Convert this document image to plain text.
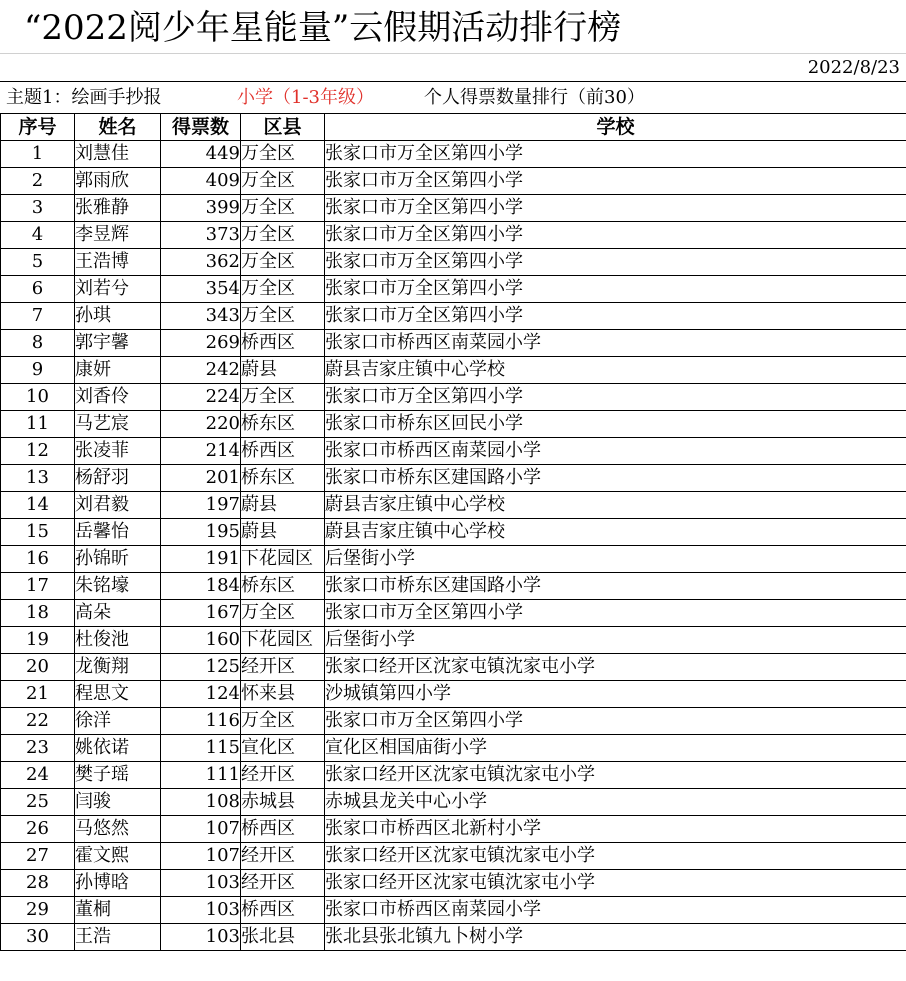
“2022阅少年星能量”云假期活动排行榜
2022/8/23
主题1：绘画手抄报	小学（1-3年级）	个人得票数量排行（前30）
序号	姓名	得票数	区县	学校
1	刘慧佳	449	万全区	张家口市万全区第四小学
2	郭雨欣	409	万全区	张家口市万全区第四小学
3	张雅静	399	万全区	张家口市万全区第四小学
4	李昱辉	373	万全区	张家口市万全区第四小学
5	王浩博	362	万全区	张家口市万全区第四小学
6	刘若兮	354	万全区	张家口市万全区第四小学
7	孙琪	343	万全区	张家口市万全区第四小学
8	郭宇馨	269	桥西区	张家口市桥西区南菜园小学
9	康妍	242	蔚县	蔚县吉家庄镇中心学校
10	刘香伶	224	万全区	张家口市万全区第四小学
11	马艺宸	220	桥东区	张家口市桥东区回民小学
12	张凌菲	214	桥西区	张家口市桥西区南菜园小学
13	杨舒羽	201	桥东区	张家口市桥东区建国路小学
14	刘君毅	197	蔚县	蔚县吉家庄镇中心学校
15	岳馨怡	195	蔚县	蔚县吉家庄镇中心学校
16	孙锦昕	191	下花园区	后堡街小学
17	朱铭壕	184	桥东区	张家口市桥东区建国路小学
18	高朵	167	万全区	张家口市万全区第四小学
19	杜俊池	160	下花园区	后堡街小学
20	龙衡翔	125	经开区	张家口经开区沈家屯镇沈家屯小学
21	程思文	124	怀来县	沙城镇第四小学
22	徐洋	116	万全区	张家口市万全区第四小学
23	姚依诺	115	宣化区	宣化区相国庙街小学
24	樊子瑶	111	经开区	张家口经开区沈家屯镇沈家屯小学
25	闫骏	108	赤城县	赤城县龙关中心小学
26	马悠然	107	桥西区	张家口市桥西区北新村小学
27	霍文熙	107	经开区	张家口经开区沈家屯镇沈家屯小学
28	孙博晗	103	经开区	张家口经开区沈家屯镇沈家屯小学
29	董桐	103	桥西区	张家口市桥西区南菜园小学
30	王浩	103	张北县	张北县张北镇九卜树小学
